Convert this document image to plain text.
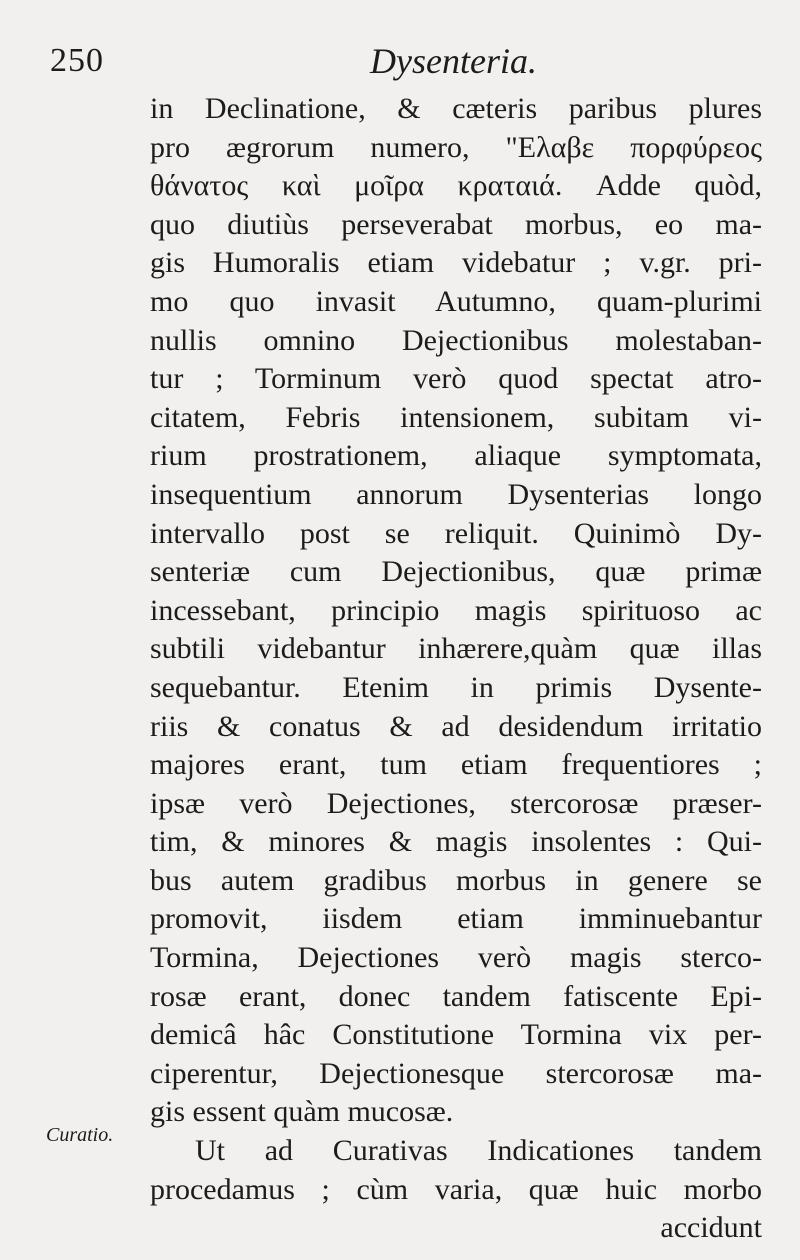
250	Dysenteria.
in Declinatione, & cæteris paribus plures
pro ægrorum numero, "Ελαβε πορφύρεος
θάνατος καὶ μοῖρα κραταιά. Adde quòd,
quo diutiùs perseverabat morbus, eo ma-
gis Humoralis etiam videbatur ; v.gr. pri-
mo quo invasit Autumno, quam-plurimi
nullis omnino Dejectionibus molestaban-
tur ; Torminum verò quod spectat atro-
citatem, Febris intensionem, subitam vi-
rium prostrationem, aliaque symptomata,
insequentium annorum Dysenterias longo
intervallo post se reliquit. Quinimò Dy-
senteriæ cum Dejectionibus, quæ primæ
incessebant, principio magis spirituoso ac
subtili videbantur inhærere,quàm quæ illas
sequebantur. Etenim in primis Dysente-
riis & conatus & ad desidendum irritatio
majores erant, tum etiam frequentiores ;
ipsæ verò Dejectiones, stercorosæ præser-
tim, & minores & magis insolentes : Qui-
bus autem gradibus morbus in genere se
promovit, iisdem etiam imminuebantur
Tormina, Dejectiones verò magis sterco-
rosæ erant, donec tandem fatiscente Epi-
demicâ hâc Constitutione Tormina vix per-
ciperentur, Dejectionesque stercorosæ ma-
gis essent quàm mucosæ.
Ut ad Curativas Indicationes tandem
procedamus ; cùm varia, quæ huic morbo
accidunt
Curatio.
